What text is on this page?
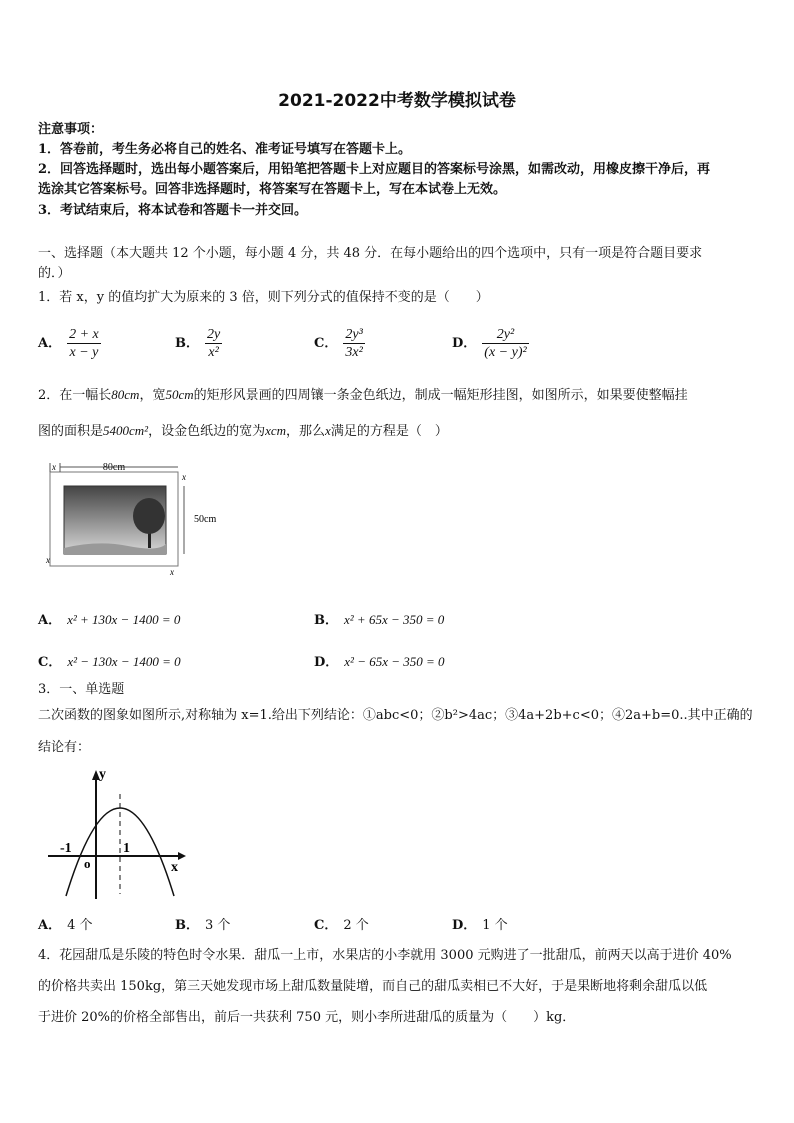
2021-2022中考数学模拟试卷
注意事项：
1．答卷前，考生务必将自己的姓名、准考证号填写在答题卡上。
2．回答选择题时，选出每小题答案后，用铅笔把答题卡上对应题目的答案标号涂黑，如需改动，用橡皮擦干净后，再
选涂其它答案标号。回答非选择题时，将答案写在答题卡上，写在本试卷上无效。
3．考试结束后，将本试卷和答题卡一并交回。
一、选择题（本大题共 12 个小题，每小题 4 分，共 48 分．在每小题给出的四个选项中，只有一项是符合题目要求
的．）
1．若 x，y 的值均扩大为原来的 3 倍，则下列分式的值保持不变的是（　　）
A． $\frac{2 + x}{x - y}$	B． $\frac{2y}{\text{x²}}$	C． $\frac{\text{2y³}}{\text{3x²}}$	D． $\frac{\text{2y²}}{\text{(x − y)²}}$
2．在一幅长80cm，宽50cm的矩形风景画的四周镶一条金色纸边，制成一幅矩形挂图，如图所示，如果要使整幅挂
图的面积是5400cm²，设金色纸边的宽为xcm，那么x满足的方程是（　）
x	80cm
x
50cm
x
x
A． x² + 130x − 1400 = 0	B． x² + 65x − 350 = 0
C． x² − 130x − 1400 = 0	D． x² − 65x − 350 = 0
3．一、单选题
二次函数的图象如图所示,对称轴为 x=1.给出下列结论：①abc<0；②b²>4ac；③4a+2b+c<0；④2a+b=0..其中正确的
结论有：
y
x
o
-1	1
A． 4 个	B． 3 个	C． 2 个	D． 1 个
4．花园甜瓜是乐陵的特色时令水果．甜瓜一上市，水果店的小李就用 3000 元购进了一批甜瓜，前两天以高于进价 40%
的价格共卖出 150kg，第三天她发现市场上甜瓜数量陡增，而自己的甜瓜卖相已不大好，于是果断地将剩余甜瓜以低
于进价 20%的价格全部售出，前后一共获利 750 元，则小李所进甜瓜的质量为（　　）kg．
